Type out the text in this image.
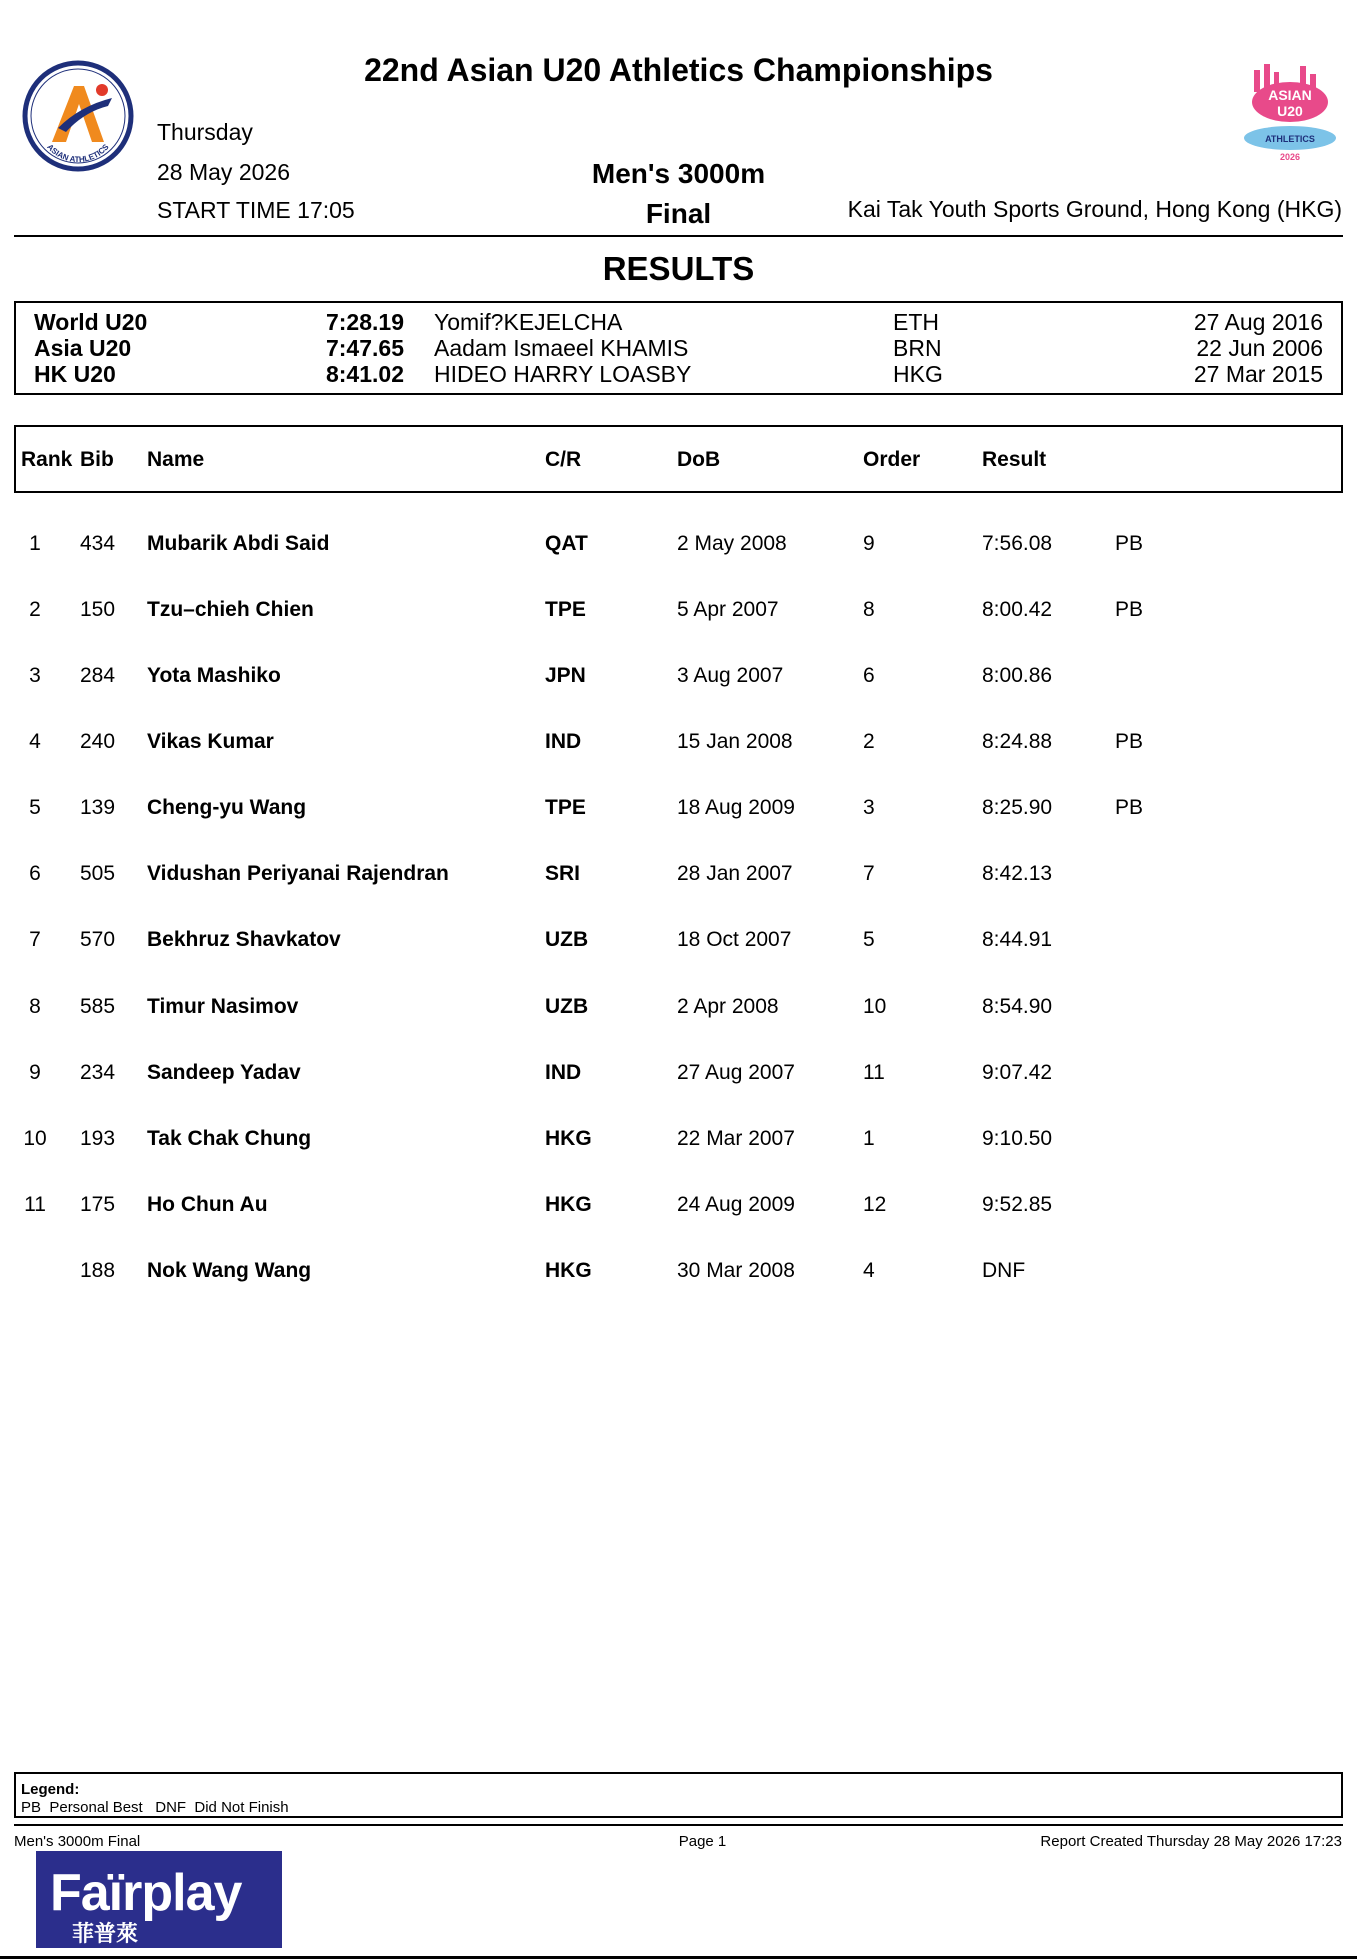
ASIAN ATHLETICS
ASIAN
U20
ATHLETICS
2026
22nd Asian U20 Athletics Championships
Thursday
28 May 2026
START TIME 17:05
Men's 3000m
Final	Kai Tak Youth Sports Ground, Hong Kong (HKG)
RESULTS
World U20	7:28.19 Yomif?KEJELCHA	ETH	27 Aug 2016
Asia U20	7:47.65 Aadam Ismaeel KHAMIS	BRN	22 Jun 2006
HK U20	8:41.02 HIDEO HARRY LOASBY	HKG	27 Mar 2015
Rank Bib Name	C/R	DoB	Order	Result
1	434 Mubarik Abdi Said	QAT	2 May 2008	9	7:56.08	PB
2	150 Tzu–chieh Chien	TPE	5 Apr 2007	8	8:00.42	PB
3	284 Yota Mashiko	JPN	3 Aug 2007	6	8:00.86
4	240 Vikas Kumar	IND	15 Jan 2008	2	8:24.88	PB
5	139 Cheng-yu Wang	TPE	18 Aug 2009	3	8:25.90	PB
6	505 Vidushan Periyanai Rajendran	SRI	28 Jan 2007	7	8:42.13
7	570 Bekhruz Shavkatov	UZB	18 Oct 2007	5	8:44.91
8	585 Timur Nasimov	UZB	2 Apr 2008	10	8:54.90
9	234 Sandeep Yadav	IND	27 Aug 2007	11	9:07.42
10 193 Tak Chak Chung	HKG	22 Mar 2007	1	9:10.50
11 175 Ho Chun Au	HKG	24 Aug 2009	12	9:52.85
188 Nok Wang Wang	HKG	30 Mar 2008	4	DNF
Legend:
PB  Personal Best   DNF  Did Not Finish
Men's 3000m Final	Page 1	Report Created Thursday 28 May 2026 17:23
Faïrplay
菲普萊
